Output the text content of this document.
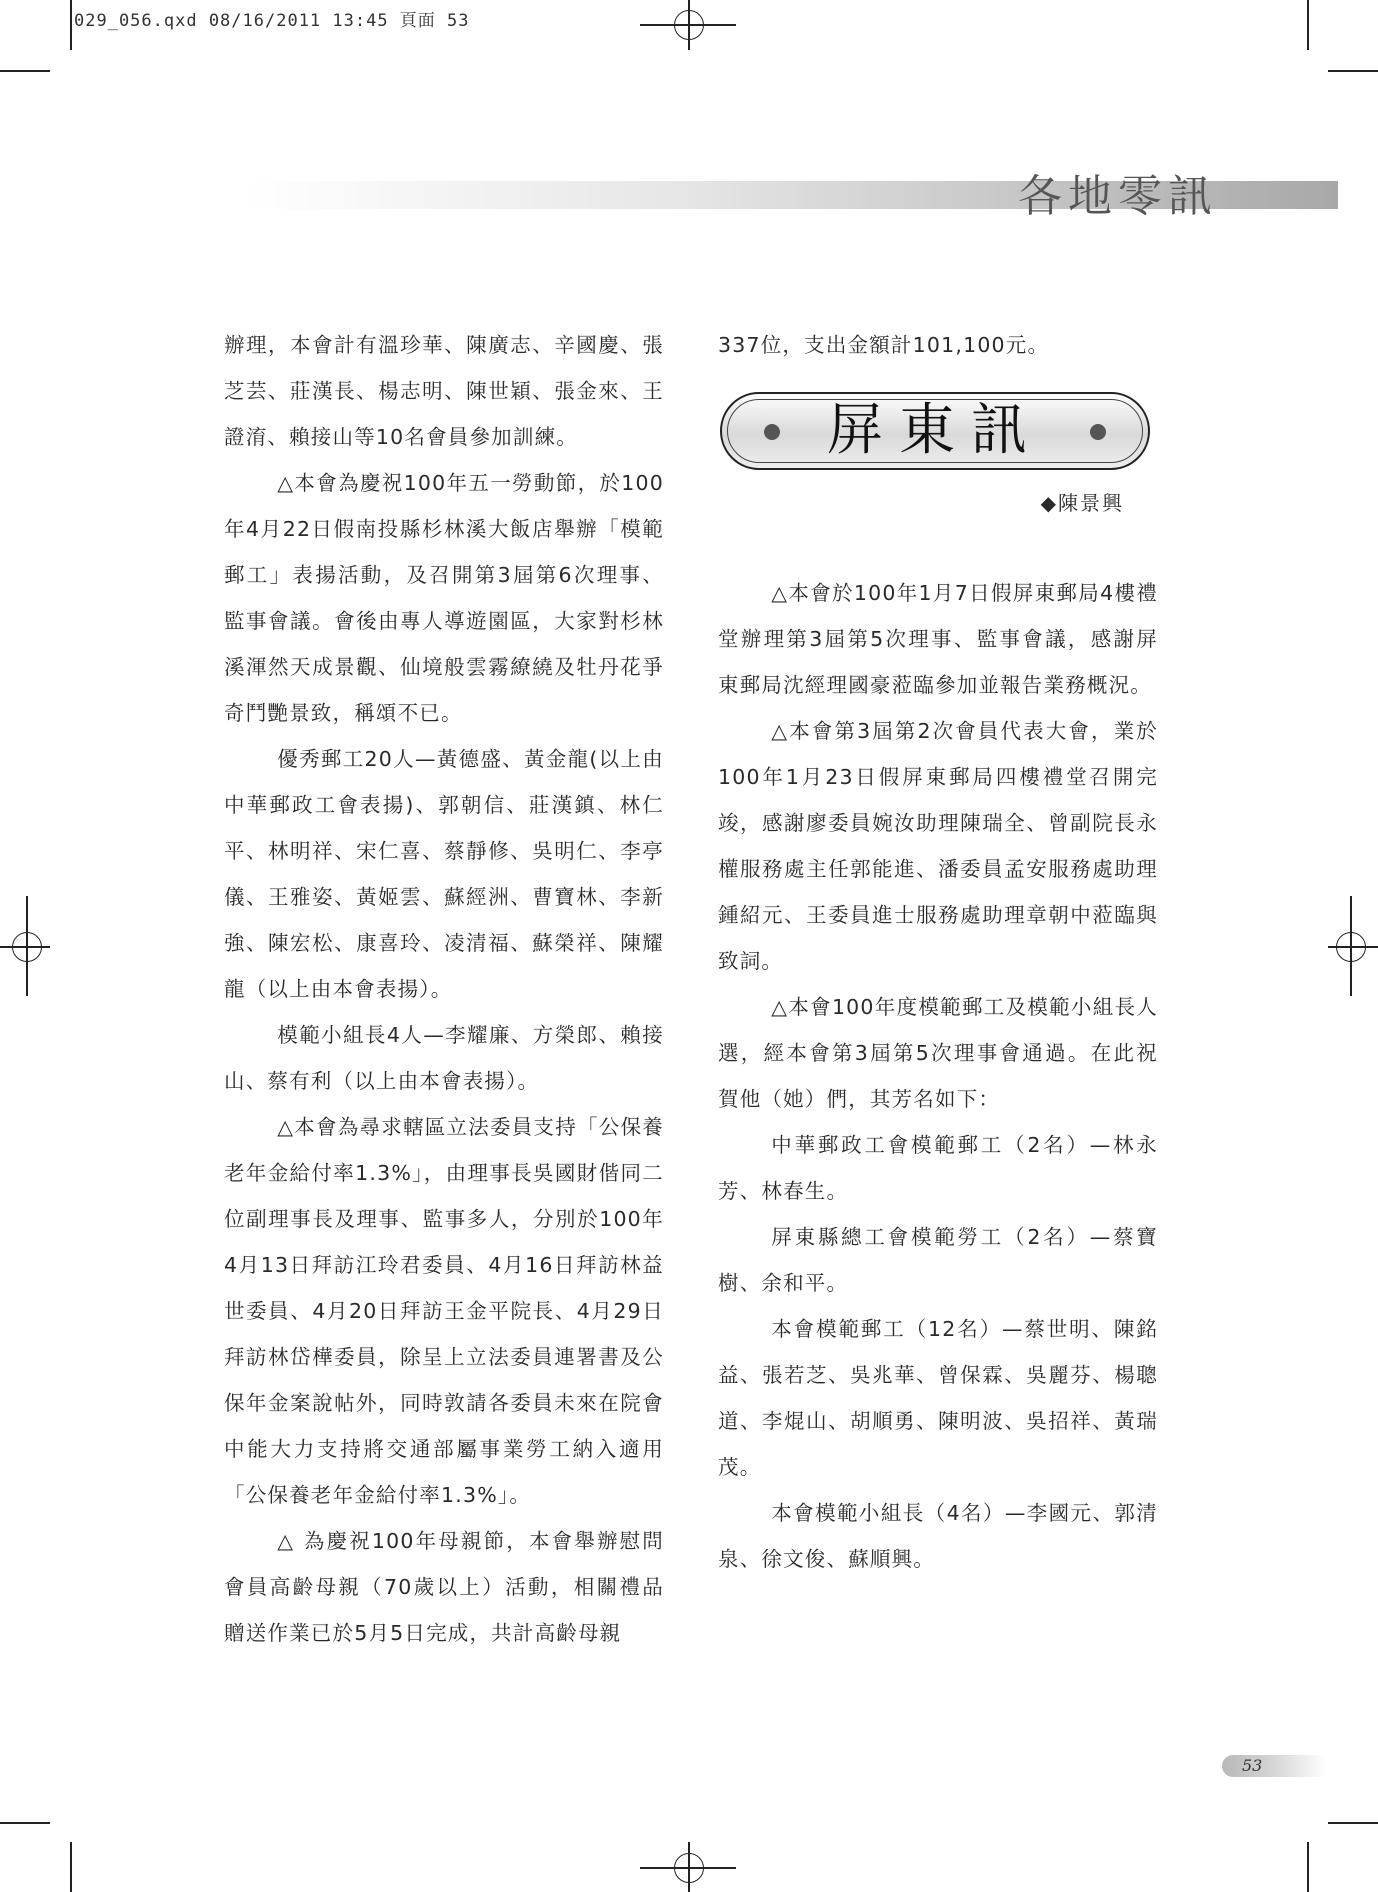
029_056.qxd 08/16/2011 13:45 頁面 53
各地零訊

辦理，本會計有溫珍華、陳廣志、辛國慶、張芝芸、莊漢長、楊志明、陳世穎、張金來、王證淯、賴接山等10名會員參加訓練。

△本會為慶祝100年五一勞動節，於100年4月22日假南投縣杉林溪大飯店舉辦「模範郵工」表揚活動，及召開第3屆第6次理事、監事會議。會後由專人導遊園區，大家對杉林溪渾然天成景觀、仙境般雲霧繚繞及牡丹花爭奇鬥艷景致，稱頌不已。

優秀郵工20人—黃德盛、黃金龍(以上由中華郵政工會表揚)、郭朝信、莊漢鎮、林仁平、林明祥、宋仁喜、蔡靜修、吳明仁、李亭儀、王雅姿、黃姬雲、蘇經洲、曹寶林、李新強、陳宏松、康喜玲、凌清福、蘇榮祥、陳耀龍（以上由本會表揚）。

模範小組長4人—李耀廉、方榮郎、賴接山、蔡有利（以上由本會表揚）。

△本會為尋求轄區立法委員支持「公保養老年金給付率1.3%」，由理事長吳國財偕同二位副理事長及理事、監事多人，分別於100年4月13日拜訪江玲君委員、4月16日拜訪林益世委員、4月20日拜訪王金平院長、4月29日拜訪林岱樺委員，除呈上立法委員連署書及公保年金案說帖外，同時敦請各委員未來在院會中能大力支持將交通部屬事業勞工納入適用「公保養老年金給付率1.3%」。

△ 為慶祝100年母親節，本會舉辦慰問會員高齡母親（70歲以上）活動，相關禮品贈送作業已於5月5日完成，共計高齡母親

337位，支出金額計101,100元。

屏東訊
◆陳景興

△本會於100年1月7日假屏東郵局4樓禮堂辦理第3屆第5次理事、監事會議，感謝屏東郵局沈經理國豪蒞臨參加並報告業務概況。

△本會第3屆第2次會員代表大會，業於100年1月23日假屏東郵局四樓禮堂召開完竣，感謝廖委員婉汝助理陳瑞全、曾副院長永權服務處主任郭能進、潘委員孟安服務處助理鍾紹元、王委員進士服務處助理章朝中蒞臨與致詞。

△本會100年度模範郵工及模範小組長人選，經本會第3屆第5次理事會通過。在此祝賀他（她）們，其芳名如下：

中華郵政工會模範郵工（2名）—林永芳、林春生。

屏東縣總工會模範勞工（2名）—蔡寶樹、余和平。

本會模範郵工（12名）—蔡世明、陳銘益、張若芝、吳兆華、曾保霖、吳麗芬、楊聰道、李焜山、胡順勇、陳明波、吳招祥、黃瑞茂。

本會模範小組長（4名）—李國元、郭清泉、徐文俊、蘇順興。

53
